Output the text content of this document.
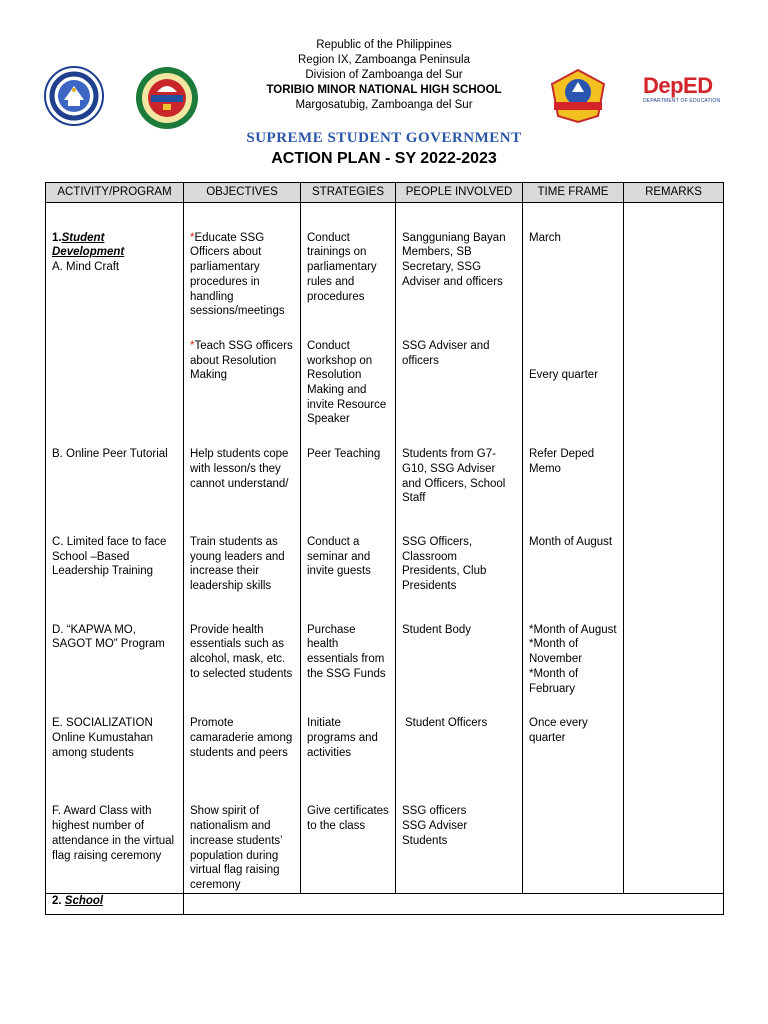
Republic of the Philippines
Region IX, Zamboanga Peninsula
Division of Zamboanga del Sur
TORIBIO MINOR NATIONAL HIGH SCHOOL
Margosatubig, Zamboanga del Sur
DepED
DEPARTMENT OF EDUCATION
SUPREME STUDENT GOVERNMENT
ACTION PLAN - SY 2022-2023
ACTIVITY/PROGRAM	OBJECTIVES	STRATEGIES	PEOPLE INVOLVED	TIME FRAME	REMARKS

1.Student Development
A. Mind Craft	*Educate SSG Officers about parliamentary procedures in handling sessions/meetings	Conduct trainings on parliamentary rules and procedures	Sangguniang Bayan Members, SB Secretary, SSG Adviser and officers	March	

	*Teach SSG officers about Resolution Making	Conduct workshop on Resolution Making and invite Resource Speaker	SSG Adviser and officers	Every quarter	

B. Online Peer Tutorial	Help students cope with lesson/s they cannot understand/	Peer Teaching	Students from G7-G10, SSG Adviser and Officers, School Staff	Refer Deped Memo	

C. Limited face to face School –Based Leadership Training	Train students as young leaders and increase their leadership skills	Conduct a seminar and invite guests	SSG Officers, Classroom Presidents, Club Presidents	Month of August	

D. “KAPWA MO, SAGOT MO” Program	Provide health essentials such as alcohol, mask, etc. to selected students	Purchase health essentials from the SSG Funds	Student Body	*Month of August
*Month of November
*Month of February	

E. SOCIALIZATION Online Kumustahan among students	Promote camaraderie among students and peers	Initiate programs and activities	Student Officers	Once every quarter	

F. Award Class with highest number of attendance in the virtual flag raising ceremony	Show spirit of nationalism and increase students’ population during virtual flag raising ceremony	Give certificates to the class	SSG officers
SSG Adviser
Students		

2. School					
